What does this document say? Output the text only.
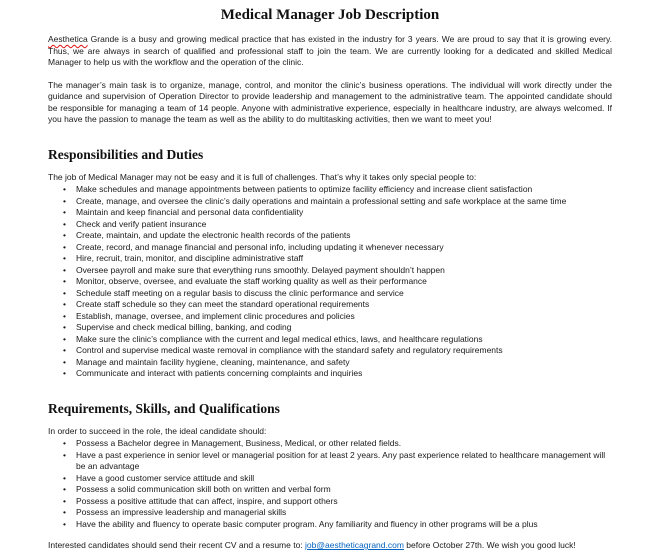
Medical Manager Job Description

Aesthetica Grande is a busy and growing medical practice that has existed in the industry for 3 years. We are proud to say that it is growing every. Thus, we are always in search of qualified and professional staff to join the team. We are currently looking for a dedicated and skilled Medical Manager to help us with the workflow and the operation of the clinic.

The manager’s main task is to organize, manage, control, and monitor the clinic’s business operations. The individual will work directly under the guidance and supervision of Operation Director to provide leadership and management to the administrative team. The appointed candidate should be responsible for managing a team of 14 people. Anyone with administrative experience, especially in healthcare industry, are always welcomed. If you have the passion to manage the team as well as the ability to do multitasking activities, then we want to meet you!

Responsibilities and Duties

The job of Medical Manager may not be easy and it is full of challenges. That’s why it takes only special people to:

• Make schedules and manage appointments between patients to optimize facility efficiency and increase client satisfaction
• Create, manage, and oversee the clinic’s daily operations and maintain a professional setting and safe workplace at the same time
• Maintain and keep financial and personal data confidentiality
• Check and verify patient insurance
• Create, maintain, and update the electronic health records of the patients
• Create, record, and manage financial and personal info, including updating it whenever necessary
• Hire, recruit, train, monitor, and discipline administrative staff
• Oversee payroll and make sure that everything runs smoothly. Delayed payment shouldn’t happen
• Monitor, observe, oversee, and evaluate the staff working quality as well as their performance
• Schedule staff meeting on a regular basis to discuss the clinic performance and service
• Create staff schedule so they can meet the standard operational requirements
• Establish, manage, oversee, and implement clinic procedures and policies
• Supervise and check medical billing, banking, and coding
• Make sure the clinic’s compliance with the current and legal medical ethics, laws, and healthcare regulations
• Control and supervise medical waste removal in compliance with the standard safety and regulatory requirements
• Manage and maintain facility hygiene, cleaning, maintenance, and safety
• Communicate and interact with patients concerning complaints and inquiries
Requirements, Skills, and Qualifications

In order to succeed in the role, the ideal candidate should:

• Possess a Bachelor degree in Management, Business, Medical, or other related fields.
• Have a past experience in senior level or managerial position for at least 2 years. Any past experience related to healthcare management will be an advantage
• Have a good customer service attitude and skill
• Possess a solid communication skill both on written and verbal form
• Possess a positive attitude that can affect, inspire, and support others
• Possess an impressive leadership and managerial skills
• Have the ability and fluency to operate basic computer program. Any familiarity and fluency in other programs will be a plus

Interested candidates should send their recent CV and a resume to: job@aestheticagrand.com before October 27th. We wish you good luck!
